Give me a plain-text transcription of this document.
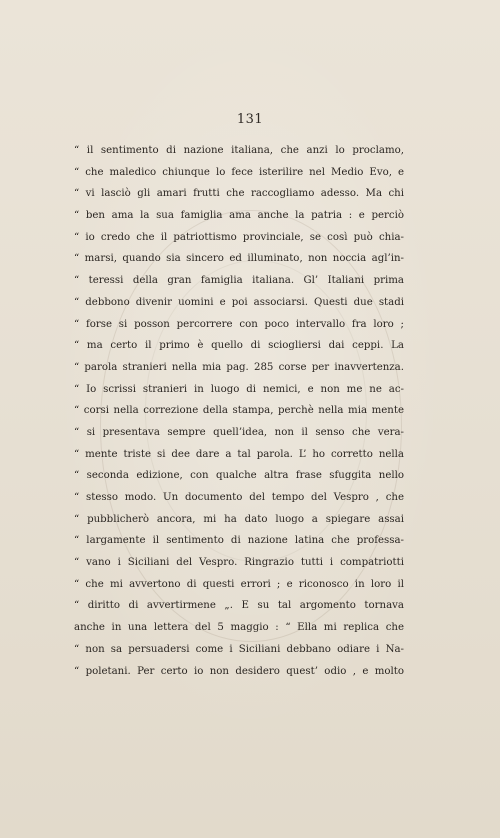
131

“ il sentimento di nazione italiana, che anzi lo proclamo,
“ che maledico chiunque lo fece isterilire nel Medio Evo, e
“ vi lasciò gli amari frutti che raccogliamo adesso. Ma chi
“ ben ama la sua famiglia ama anche la patria : e perciò
“ io credo che il patriottismo provinciale, se così può chia-
“ marsi, quando sia sincero ed illuminato, non noccia agl’in-
“ teressi della gran famiglia italiana. Gl’ Italiani prima
“ debbono divenir uomini e poi associarsi. Questi due stadi
“ forse si posson percorrere con poco intervallo fra loro ;
“ ma certo il primo è quello di sciogliersi dai ceppi. La
“ parola stranieri nella mia pag. 285 corse per inavvertenza.
“ Io scrissi stranieri in luogo di nemici, e non me ne ac-
“ corsi nella correzione della stampa, perchè nella mia mente
“ si presentava sempre quell’idea, non il senso che vera-
“ mente triste si dee dare a tal parola. L’ ho corretto nella
“ seconda edizione, con qualche altra frase sfuggita nello
“ stesso modo. Un documento del tempo del Vespro , che
“ pubblicherò ancora, mi ha dato luogo a spiegare assai
“ largamente il sentimento di nazione latina che professa-
“ vano i Siciliani del Vespro. Ringrazio tutti i compatriotti
“ che mi avvertono di questi errori ; e riconosco in loro il
“ diritto di avvertirmene „. E su tal argomento tornava
anche in una lettera del 5 maggio : “ Ella mi replica che
“ non sa persuadersi come i Siciliani debbano odiare i Na-
“ poletani. Per certo io non desidero quest’ odio , e molto
